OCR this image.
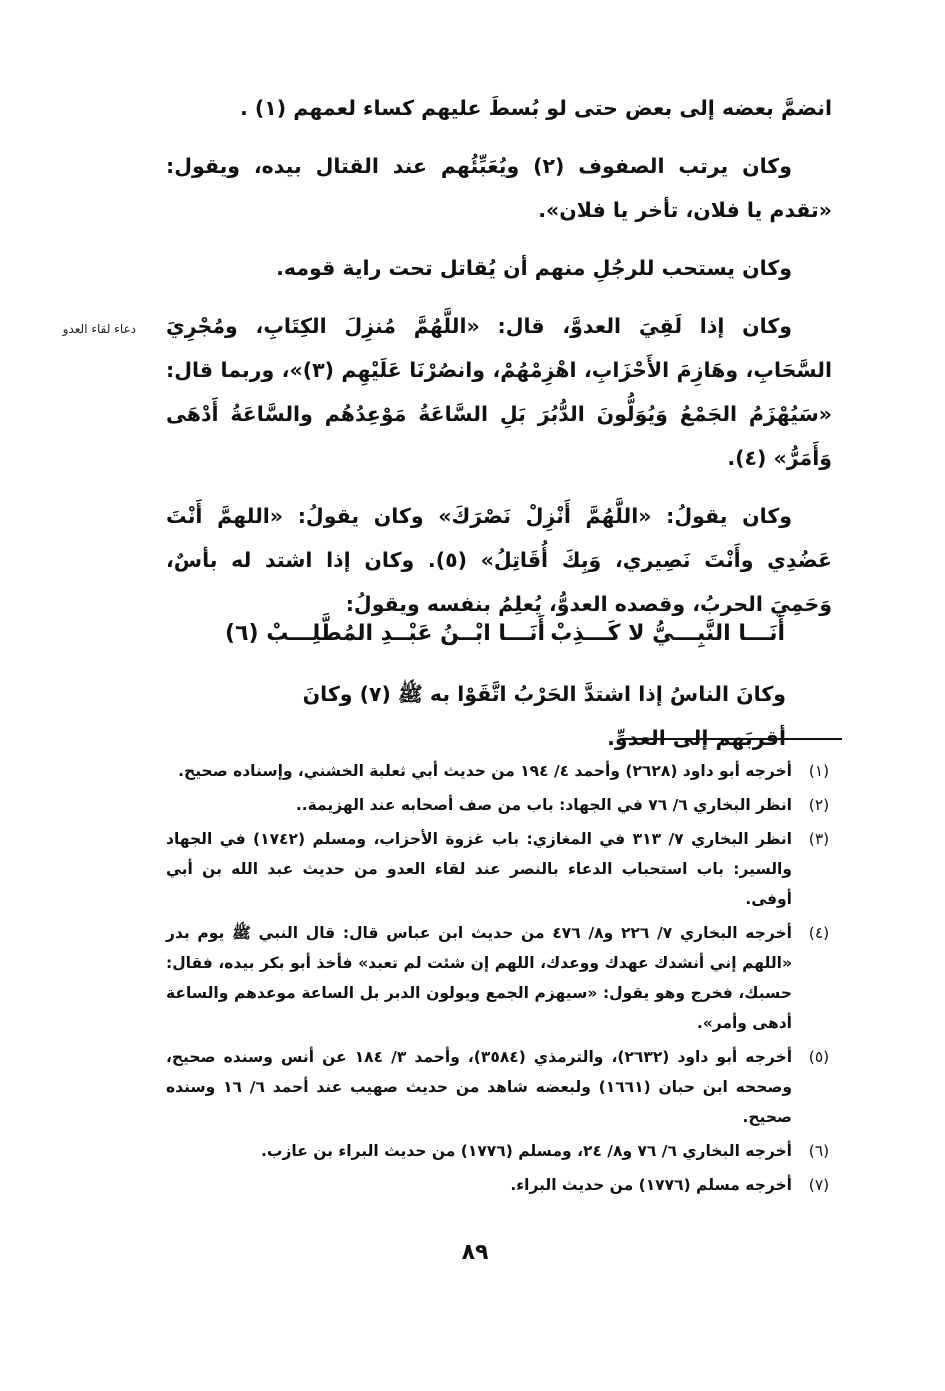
انضمَّ بعضه إلى بعض حتى لو بُسطَ عليهم كساء لعمهم (١) .

وكان يرتب الصفوف (٢) ويُعَبِّئُهم عند القتال بيده، ويقول: «تقدم يا فلان، تأخر يا فلان».

وكان يستحب للرجُلِ منهم أن يُقاتل تحت راية قومه.

وكان إذا لَقِيَ العدوَّ، قال: «اللَّهُمَّ مُنزِلَ الكِتَابِ، ومُجْرِيَ السَّحَابِ، وهَازِمَ الأَحْزَابِ، اهْزِمْهُمْ، وانصُرْنَا عَلَيْهِم (٣)»، وربما قال: «سَيُهْزَمُ الجَمْعُ وَيُوَلُّونَ الدُّبُرَ بَلِ السَّاعَةُ مَوْعِدُهُم والسَّاعَةُ أَدْهَى وَأَمَرُّ» (٤).

وكان يقولُ: «اللَّهُمَّ أَنْزِلْ نَصْرَكَ» وكان يقولُ: «اللهمَّ أَنْتَ عَضُدِي وأَنْتَ نَصِيري، وَبِكَ أُقَاتِلُ» (٥). وكان إذا اشتد له بأسٌ، وَحَمِيَ الحربُ، وقصده العدوُّ، يُعلِمُ بنفسه ويقولُ:

دعاء لقاء العدو
أَنَـــا النَّبِـــيُّ لا كَـــذِبْ
أَنَـــا ابْــنُ عَبْــدِ المُطَّلِـــبْ (٦)
وكانَ الناسُ إذا اشتدَّ الحَرْبُ اتَّقَوْا به ﷺ (٧) وكانَ أقربَهم إلى العدوِّ.
(١)
أخرجه أبو داود (٢٦٢٨) وأحمد ٤/ ١٩٤ من حديث أبي ثعلبة الخشني، وإسناده صحيح.
(٢)
انظر البخاري ٦/ ٧٦ في الجهاد: باب من صف أصحابه عند الهزيمة..
(٣)
انظر البخاري ٧/ ٣١٣ في المغازي: باب غزوة الأحزاب، ومسلم (١٧٤٢) في الجهاد والسير: باب استحباب الدعاء بالنصر عند لقاء العدو من حديث عبد الله بن أبي أوفى.
(٤)
أخرجه البخاري ٧/ ٢٢٦ و٨/ ٤٧٦ من حديث ابن عباس قال: قال النبي ﷺ يوم بدر «اللهم إني أنشدك عهدك ووعدك، اللهم إن شئت لم تعبد» فأخذ أبو بكر بيده، فقال: حسبك، فخرج وهو يقول: «سيهزم الجمع ويولون الدبر بل الساعة موعدهم والساعة أدهى وأمر».
(٥)
أخرجه أبو داود (٢٦٣٢)، والترمذي (٣٥٨٤)، وأحمد ٣/ ١٨٤ عن أنس وسنده صحيح، وصححه ابن حبان (١٦٦١) ولبعضه شاهد من حديث صهيب عند أحمد ٦/ ١٦ وسنده صحيح.
(٦)
أخرجه البخاري ٦/ ٧٦ و٨/ ٢٤، ومسلم (١٧٧٦) من حديث البراء بن عازب.
(٧)
أخرجه مسلم (١٧٧٦) من حديث البراء.
٨٩
